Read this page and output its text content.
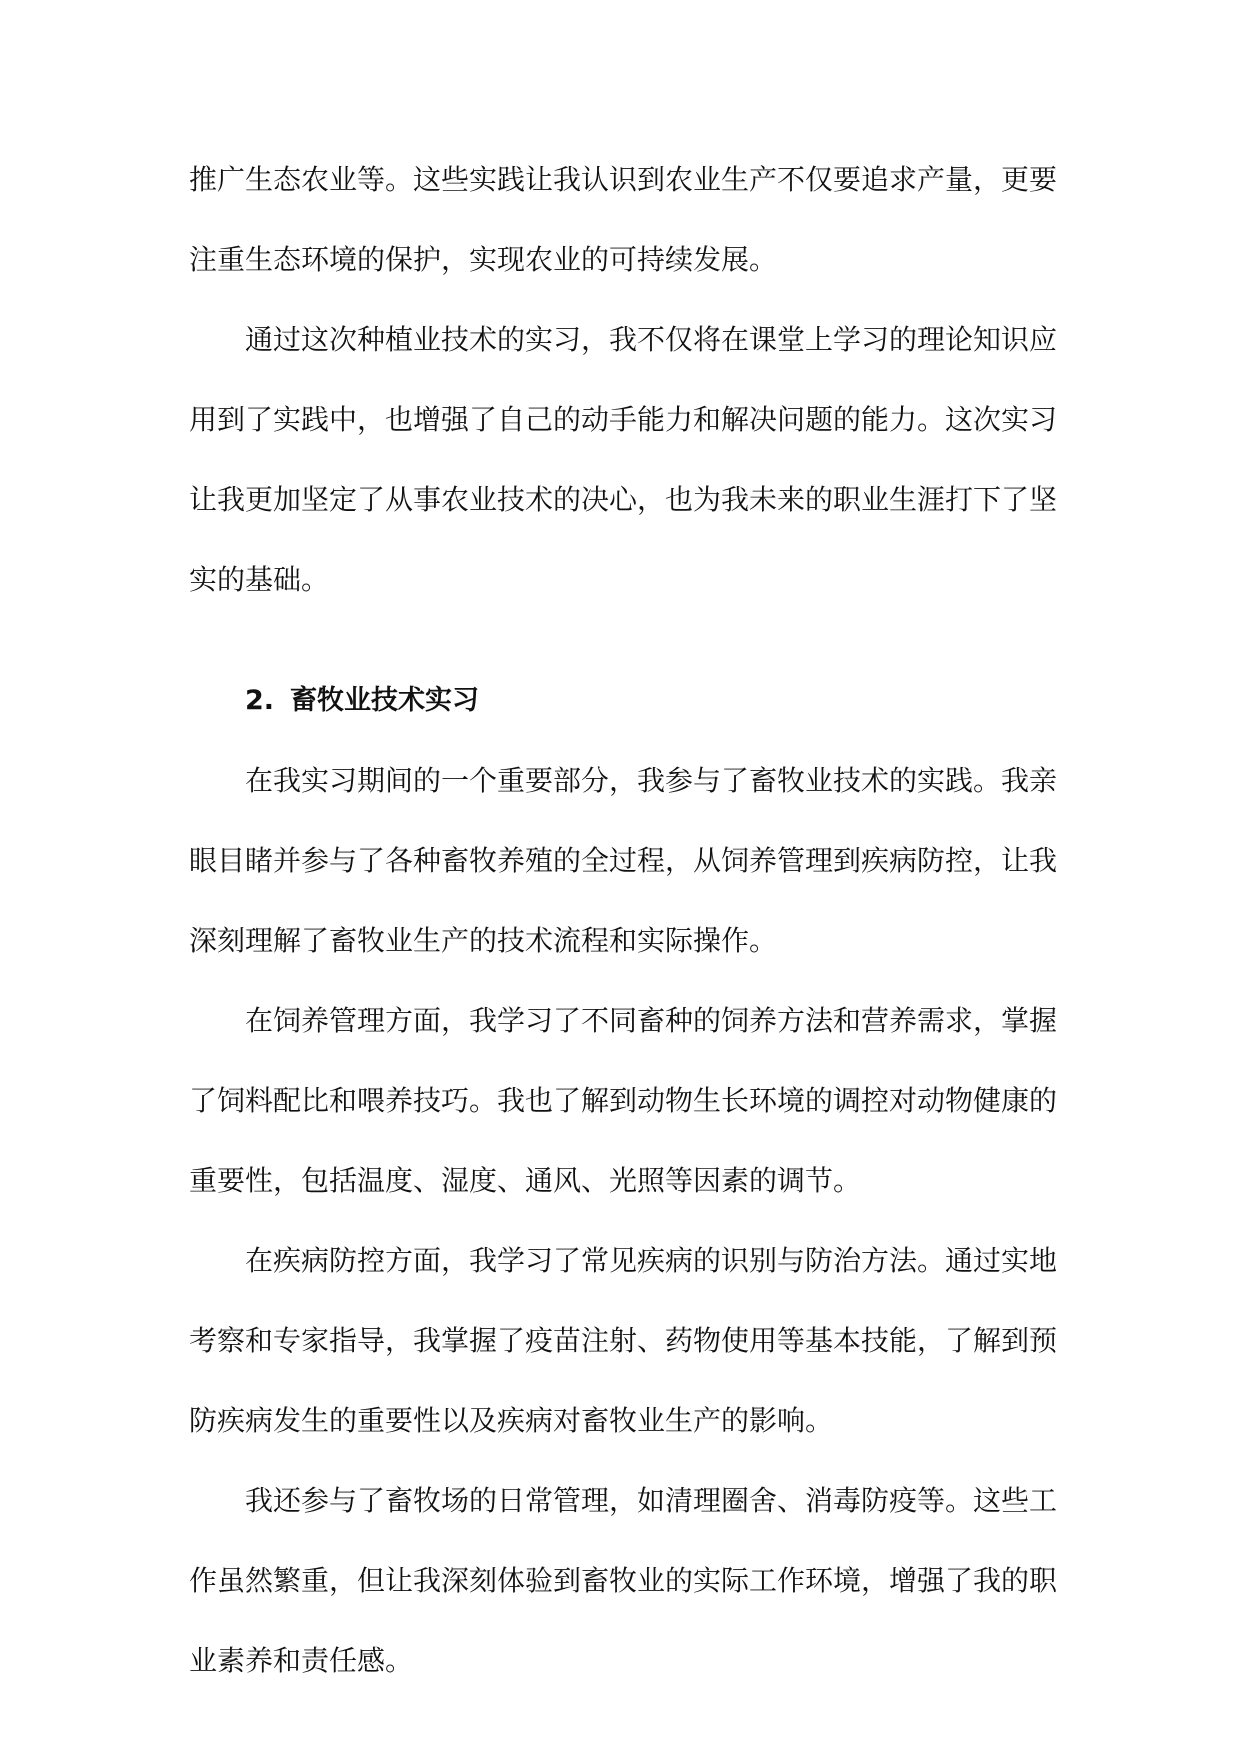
推广生态农业等。这些实践让我认识到农业生产不仅要追求产量，更要注重生态环境的保护，实现农业的可持续发展。

通过这次种植业技术的实习，我不仅将在课堂上学习的理论知识应用到了实践中，也增强了自己的动手能力和解决问题的能力。这次实习让我更加坚定了从事农业技术的决心，也为我未来的职业生涯打下了坚实的基础。

2. 畜牧业技术实习

在我实习期间的一个重要部分，我参与了畜牧业技术的实践。我亲眼目睹并参与了各种畜牧养殖的全过程，从饲养管理到疾病防控，让我深刻理解了畜牧业生产的技术流程和实际操作。

在饲养管理方面，我学习了不同畜种的饲养方法和营养需求，掌握了饲料配比和喂养技巧。我也了解到动物生长环境的调控对动物健康的重要性，包括温度、湿度、通风、光照等因素的调节。

在疾病防控方面，我学习了常见疾病的识别与防治方法。通过实地考察和专家指导，我掌握了疫苗注射、药物使用等基本技能，了解到预防疾病发生的重要性以及疾病对畜牧业生产的影响。

我还参与了畜牧场的日常管理，如清理圈舍、消毒防疫等。这些工作虽然繁重，但让我深刻体验到畜牧业的实际工作环境，增强了我的职业素养和责任感。
